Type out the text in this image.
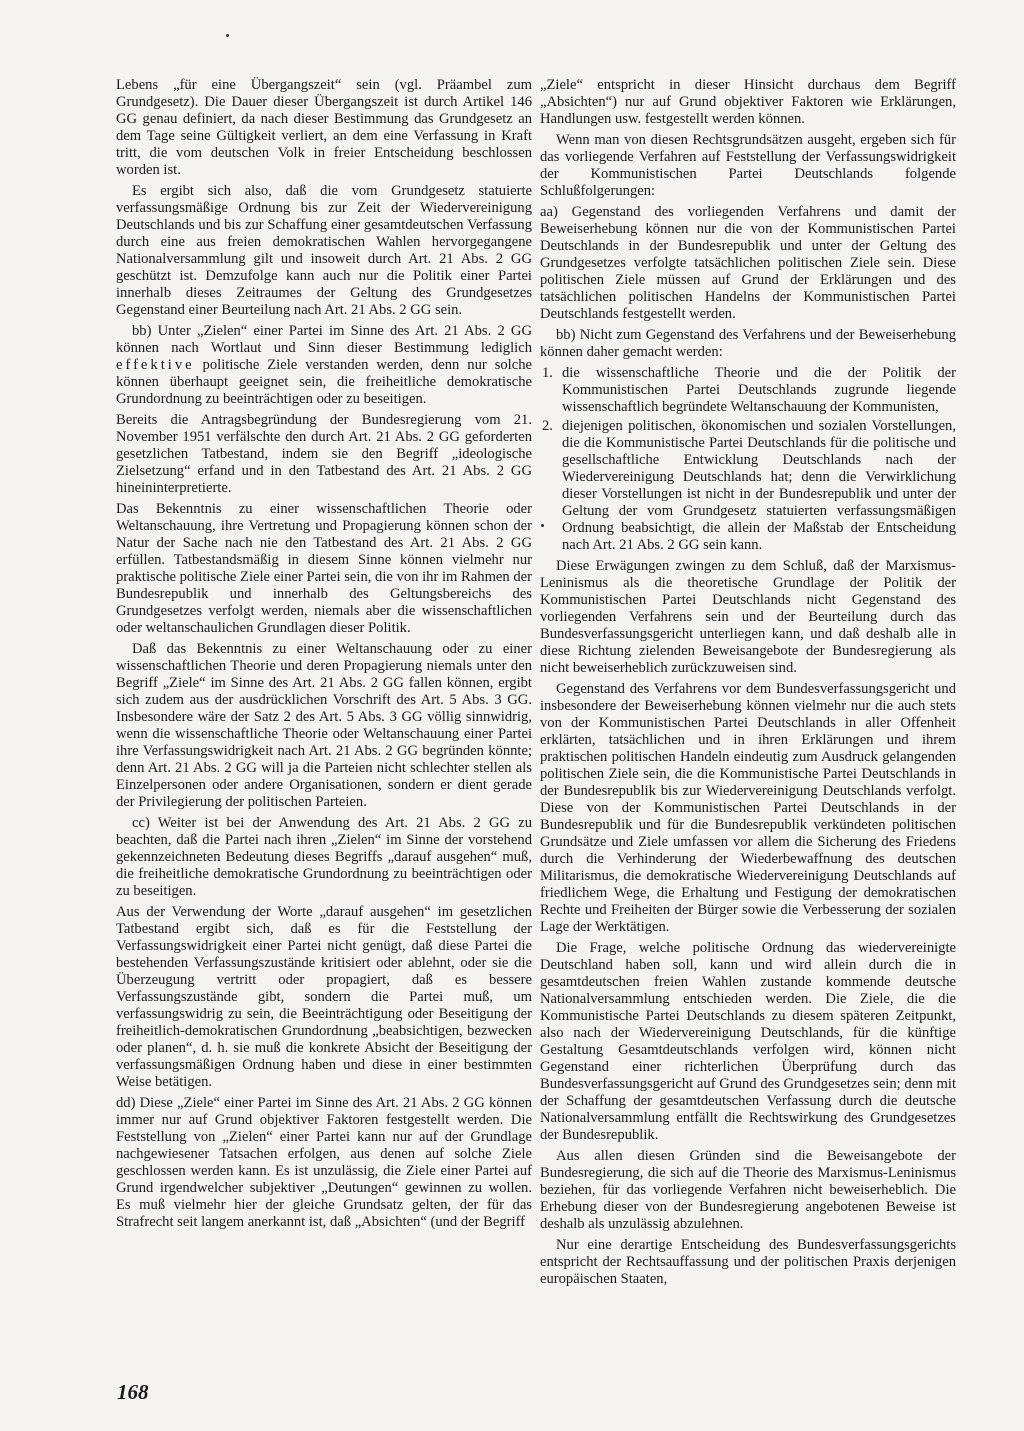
Lebens „für eine Übergangszeit“ sein (vgl. Präambel zum Grundgesetz). Die Dauer dieser Übergangszeit ist durch Artikel 146 GG genau definiert, da nach dieser Bestimmung das Grundgesetz an dem Tage seine Gültigkeit verliert, an dem eine Verfassung in Kraft tritt, die vom deutschen Volk in freier Entscheidung beschlossen worden ist.

Es ergibt sich also, daß die vom Grundgesetz statuierte verfassungsmäßige Ordnung bis zur Zeit der Wiedervereinigung Deutschlands und bis zur Schaffung einer gesamtdeutschen Verfassung durch eine aus freien demokratischen Wahlen hervorgegangene Nationalversammlung gilt und insoweit durch Art. 21 Abs. 2 GG geschützt ist. Demzufolge kann auch nur die Politik einer Partei innerhalb dieses Zeitraumes der Geltung des Grundgesetzes Gegenstand einer Beurteilung nach Art. 21 Abs. 2 GG sein.

bb) Unter „Zielen“ einer Partei im Sinne des Art. 21 Abs. 2 GG können nach Wortlaut und Sinn dieser Bestimmung lediglich effektive politische Ziele verstanden werden, denn nur solche können überhaupt geeignet sein, die freiheitliche demokratische Grundordnung zu beeinträchtigen oder zu beseitigen.

Bereits die Antragsbegründung der Bundesregierung vom 21. November 1951 verfälschte den durch Art. 21 Abs. 2 GG geforderten gesetzlichen Tatbestand, indem sie den Begriff „ideologische Zielsetzung“ erfand und in den Tatbestand des Art. 21 Abs. 2 GG hineininterpretierte.

Das Bekenntnis zu einer wissenschaftlichen Theorie oder Weltanschauung, ihre Vertretung und Propagierung können schon der Natur der Sache nach nie den Tatbestand des Art. 21 Abs. 2 GG erfüllen. Tatbestandsmäßig in diesem Sinne können vielmehr nur praktische politische Ziele einer Partei sein, die von ihr im Rahmen der Bundesrepublik und innerhalb des Geltungsbereichs des Grundgesetzes verfolgt werden, niemals aber die wissenschaftlichen oder weltanschaulichen Grundlagen dieser Politik.

Daß das Bekenntnis zu einer Weltanschauung oder zu einer wissenschaftlichen Theorie und deren Propagierung niemals unter den Begriff „Ziele“ im Sinne des Art. 21 Abs. 2 GG fallen können, ergibt sich zudem aus der ausdrücklichen Vorschrift des Art. 5 Abs. 3 GG. Insbesondere wäre der Satz 2 des Art. 5 Abs. 3 GG völlig sinnwidrig, wenn die wissenschaftliche Theorie oder Weltanschauung einer Partei ihre Verfassungswidrigkeit nach Art. 21 Abs. 2 GG begründen könnte; denn Art. 21 Abs. 2 GG will ja die Parteien nicht schlechter stellen als Einzelpersonen oder andere Organisationen, sondern er dient gerade der Privilegierung der politischen Parteien.

cc) Weiter ist bei der Anwendung des Art. 21 Abs. 2 GG zu beachten, daß die Partei nach ihren „Zielen“ im Sinne der vorstehend gekennzeichneten Bedeutung dieses Begriffs „darauf ausgehen“ muß, die freiheitliche demokratische Grundordnung zu beeinträchtigen oder zu beseitigen.

Aus der Verwendung der Worte „darauf ausgehen“ im gesetzlichen Tatbestand ergibt sich, daß es für die Feststellung der Verfassungswidrigkeit einer Partei nicht genügt, daß diese Partei die bestehenden Verfassungszustände kritisiert oder ablehnt, oder sie die Überzeugung vertritt oder propagiert, daß es bessere Verfassungszustände gibt, sondern die Partei muß, um verfassungswidrig zu sein, die Beeinträchtigung oder Beseitigung der freiheitlich-demokratischen Grundordnung „beabsichtigen, bezwecken oder planen“, d. h. sie muß die konkrete Absicht der Beseitigung der verfassungsmäßigen Ordnung haben und diese in einer bestimmten Weise betätigen.

dd) Diese „Ziele“ einer Partei im Sinne des Art. 21 Abs. 2 GG können immer nur auf Grund objektiver Faktoren festgestellt werden. Die Feststellung von „Zielen“ einer Partei kann nur auf der Grundlage nachgewiesener Tatsachen erfolgen, aus denen auf solche Ziele geschlossen werden kann. Es ist unzulässig, die Ziele einer Partei auf Grund irgendwelcher subjektiver „Deutungen“ gewinnen zu wollen. Es muß vielmehr hier der gleiche Grundsatz gelten, der für das Strafrecht seit langem anerkannt ist, daß „Absichten“ (und der Begriff

„Ziele“ entspricht in dieser Hinsicht durchaus dem Begriff „Absichten“) nur auf Grund objektiver Faktoren wie Erklärungen, Handlungen usw. festgestellt werden können.

Wenn man von diesen Rechtsgrundsätzen ausgeht, ergeben sich für das vorliegende Verfahren auf Feststellung der Verfassungswidrigkeit der Kommunistischen Partei Deutschlands folgende Schlußfolgerungen:

aa) Gegenstand des vorliegenden Verfahrens und damit der Beweiserhebung können nur die von der Kommunistischen Partei Deutschlands in der Bundesrepublik und unter der Geltung des Grundgesetzes verfolgte tatsächlichen politischen Ziele sein. Diese politischen Ziele müssen auf Grund der Erklärungen und des tatsächlichen politischen Handelns der Kommunistischen Partei Deutschlands festgestellt werden.

bb) Nicht zum Gegenstand des Verfahrens und der Beweiserhebung können daher gemacht werden:

1. die wissenschaftliche Theorie und die der Politik der Kommunistischen Partei Deutschlands zugrunde liegende wissenschaftlich begründete Weltanschauung der Kommunisten,
2. diejenigen politischen, ökonomischen und sozialen Vorstellungen, die die Kommunistische Partei Deutschlands für die politische und gesellschaftliche Entwicklung Deutschlands nach der Wiedervereinigung Deutschlands hat; denn die Verwirklichung dieser Vorstellungen ist nicht in der Bundesrepublik und unter der Geltung der vom Grundgesetz statuierten verfassungsmäßigen Ordnung beabsichtigt, die allein der Maßstab der Entscheidung nach Art. 21 Abs. 2 GG sein kann.

Diese Erwägungen zwingen zu dem Schluß, daß der Marxismus-Leninismus als die theoretische Grundlage der Politik der Kommunistischen Partei Deutschlands nicht Gegenstand des vorliegenden Verfahrens sein und der Beurteilung durch das Bundesverfassungsgericht unterliegen kann, und daß deshalb alle in diese Richtung zielenden Beweisangebote der Bundesregierung als nicht beweiserheblich zurückzuweisen sind.

Gegenstand des Verfahrens vor dem Bundesverfassungsgericht und insbesondere der Beweiserhebung können vielmehr nur die auch stets von der Kommunistischen Partei Deutschlands in aller Offenheit erklärten, tatsächlichen und in ihren Erklärungen und ihrem praktischen politischen Handeln eindeutig zum Ausdruck gelangenden politischen Ziele sein, die die Kommunistische Partei Deutschlands in der Bundesrepublik bis zur Wiedervereinigung Deutschlands verfolgt. Diese von der Kommunistischen Partei Deutschlands in der Bundesrepublik und für die Bundesrepublik verkündeten politischen Grundsätze und Ziele umfassen vor allem die Sicherung des Friedens durch die Verhinderung der Wiederbewaffnung des deutschen Militarismus, die demokratische Wiedervereinigung Deutschlands auf friedlichem Wege, die Erhaltung und Festigung der demokratischen Rechte und Freiheiten der Bürger sowie die Verbesserung der sozialen Lage der Werktätigen.

Die Frage, welche politische Ordnung das wiedervereinigte Deutschland haben soll, kann und wird allein durch die in gesamtdeutschen freien Wahlen zustande kommende deutsche Nationalversammlung entschieden werden. Die Ziele, die die Kommunistische Partei Deutschlands zu diesem späteren Zeitpunkt, also nach der Wiedervereinigung Deutschlands, für die künftige Gestaltung Gesamtdeutschlands verfolgen wird, können nicht Gegenstand einer richterlichen Überprüfung durch das Bundesverfassungsgericht auf Grund des Grundgesetzes sein; denn mit der Schaffung der gesamtdeutschen Verfassung durch die deutsche Nationalversammlung entfällt die Rechtswirkung des Grundgesetzes der Bundesrepublik.

Aus allen diesen Gründen sind die Beweisangebote der Bundesregierung, die sich auf die Theorie des Marxismus-Leninismus beziehen, für das vorliegende Verfahren nicht beweiserheblich. Die Erhebung dieser von der Bundesregierung angebotenen Beweise ist deshalb als unzulässig abzulehnen.

Nur eine derartige Entscheidung des Bundesverfassungsgerichts entspricht der Rechtsauffassung und der politischen Praxis derjenigen europäischen Staaten,

168
